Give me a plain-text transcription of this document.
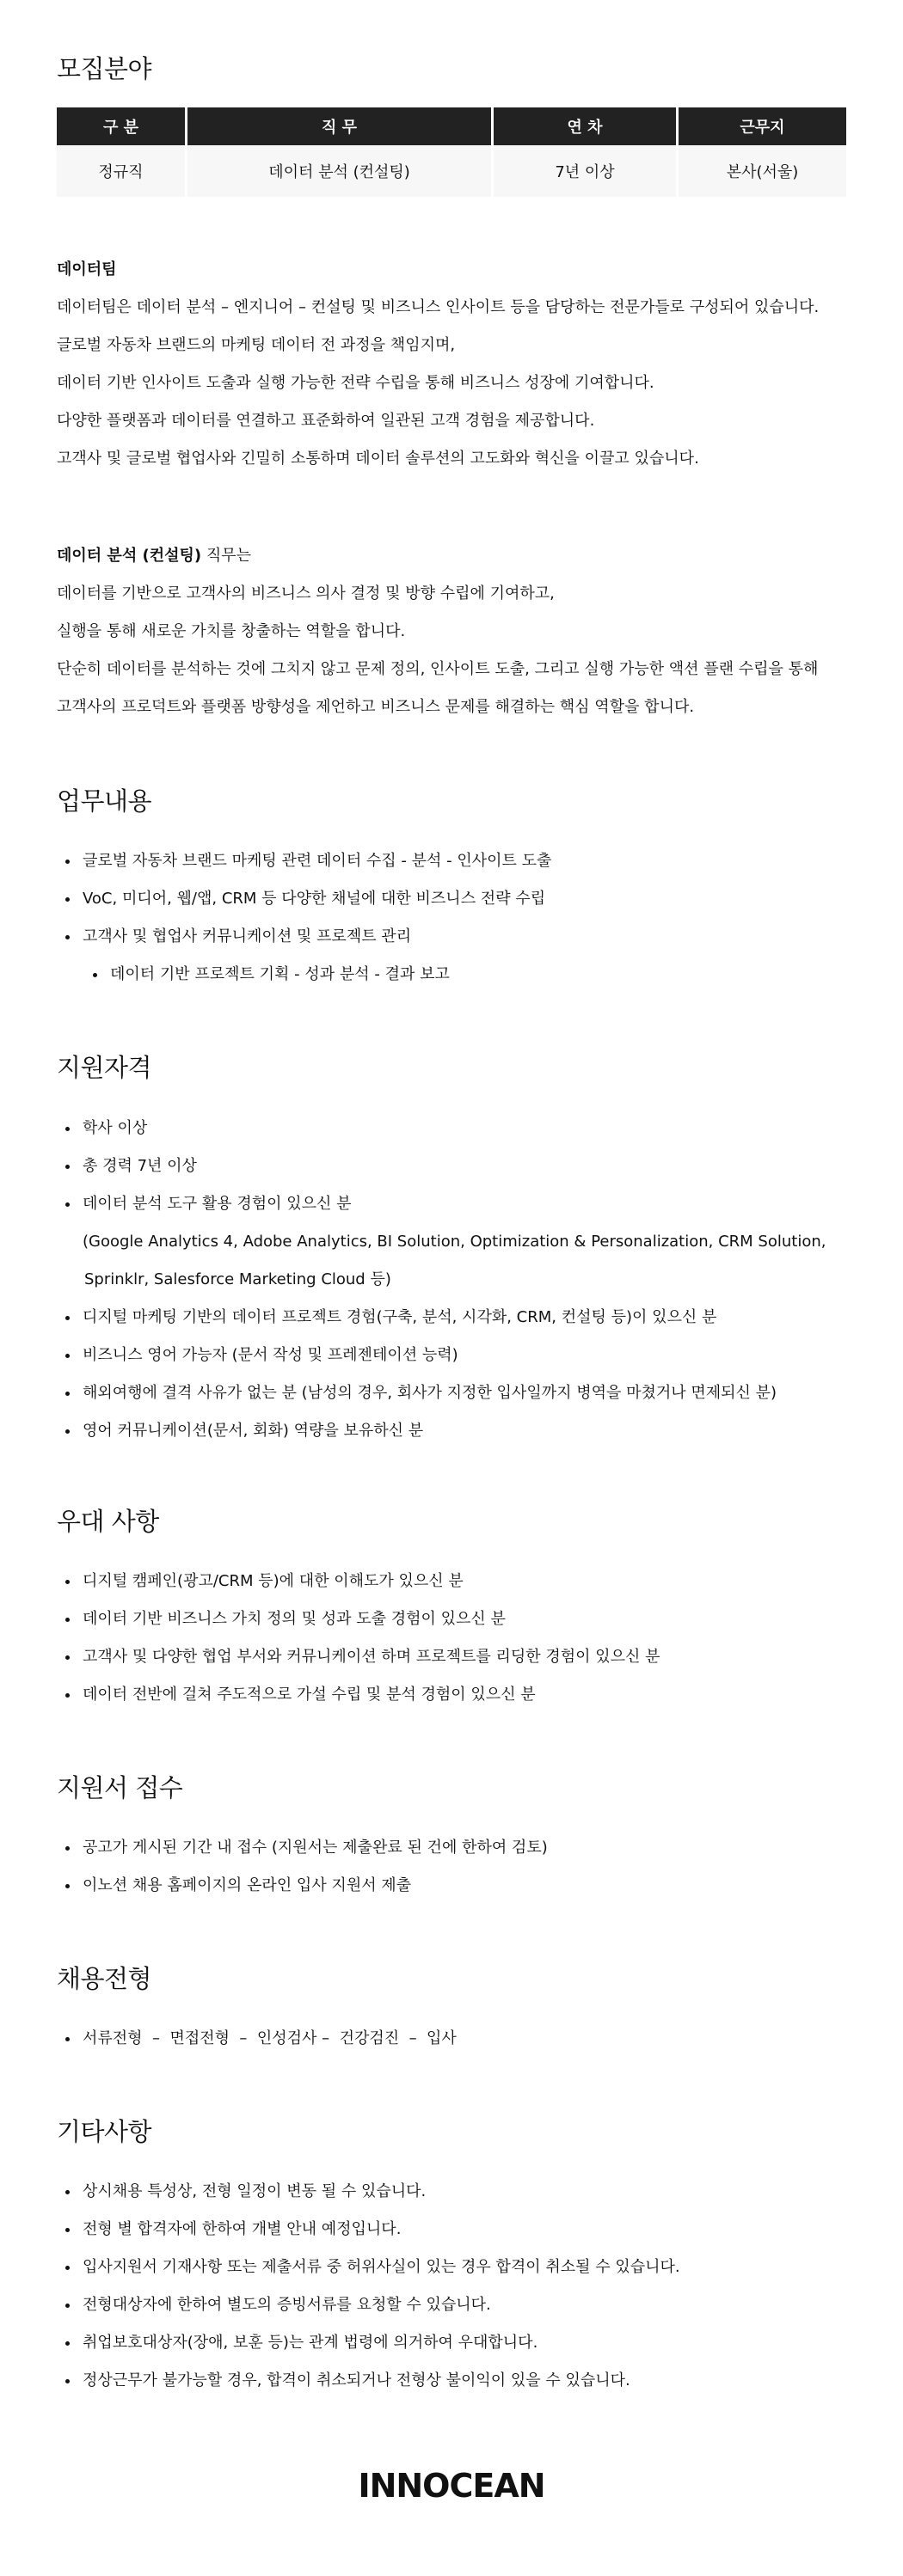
모집분야
구 분	직 무	연 차	근무지
정규직	데이터 분석 (컨설팅)	7년 이상	본사(서울)

데이터팀

데이터팀은 데이터 분석 – 엔지니어 – 컨설팅 및 비즈니스 인사이트 등을 담당하는 전문가들로 구성되어 있습니다.

글로벌 자동차 브랜드의 마케팅 데이터 전 과정을 책임지며,

데이터 기반 인사이트 도출과 실행 가능한 전략 수립을 통해 비즈니스 성장에 기여합니다.

다양한 플랫폼과 데이터를 연결하고 표준화하여 일관된 고객 경험을 제공합니다.

고객사 및 글로벌 협업사와 긴밀히 소통하며 데이터 솔루션의 고도화와 혁신을 이끌고 있습니다.

데이터 분석 (컨설팅) 직무는

데이터를 기반으로 고객사의 비즈니스 의사 결정 및 방향 수립에 기여하고,

실행을 통해 새로운 가치를 창출하는 역할을 합니다.

단순히 데이터를 분석하는 것에 그치지 않고 문제 정의, 인사이트 도출, 그리고 실행 가능한 액션 플랜 수립을 통해

고객사의 프로덕트와 플랫폼 방향성을 제언하고 비즈니스 문제를 해결하는 핵심 역할을 합니다.

업무내용
글로벌 자동차 브랜드 마케팅 관련 데이터 수집 - 분석 - 인사이트 도출
VoC, 미디어, 웹/앱, CRM 등 다양한 채널에 대한 비즈니스 전략 수립
고객사 및 협업사 커뮤니케이션 및 프로젝트 관리
데이터 기반 프로젝트 기획 - 성과 분석 - 결과 보고
지원자격
학사 이상
총 경력 7년 이상
데이터 분석 도구 활용 경험이 있으신 분
(Google Analytics 4, Adobe Analytics, BI Solution, Optimization & Personalization, CRM Solution,
Sprinklr, Salesforce Marketing Cloud 등)
디지털 마케팅 기반의 데이터 프로젝트 경험(구축, 분석, 시각화, CRM, 컨설팅 등)이 있으신 분
비즈니스 영어 가능자 (문서 작성 및 프레젠테이션 능력)
해외여행에 결격 사유가 없는 분 (남성의 경우, 회사가 지정한 입사일까지 병역을 마쳤거나 면제되신 분)
영어 커뮤니케이션(문서, 회화) 역량을 보유하신 분
우대 사항
디지털 캠페인(광고/CRM 등)에 대한 이해도가 있으신 분
데이터 기반 비즈니스 가치 정의 및 성과 도출 경험이 있으신 분
고객사 및 다양한 협업 부서와 커뮤니케이션 하며 프로젝트를 리딩한 경험이 있으신 분
데이터 전반에 걸쳐 주도적으로 가설 수립 및 분석 경험이 있으신 분
지원서 접수
공고가 게시된 기간 내 접수 (지원서는 제출완료 된 건에 한하여 검토)
이노션 채용 홈페이지의 온라인 입사 지원서 제출
채용전형
서류전형  –  면접전형  –  인성검사 –  건강검진  –  입사
기타사항
상시채용 특성상, 전형 일정이 변동 될 수 있습니다.
전형 별 합격자에 한하여 개별 안내 예정입니다.
입사지원서 기재사항 또는 제출서류 중 허위사실이 있는 경우 합격이 취소될 수 있습니다.
전형대상자에 한하여 별도의 증빙서류를 요청할 수 있습니다.
취업보호대상자(장애, 보훈 등)는 관계 법령에 의거하여 우대합니다.
정상근무가 불가능할 경우, 합격이 취소되거나 전형상 불이익이 있을 수 있습니다.
INNOCEAN
